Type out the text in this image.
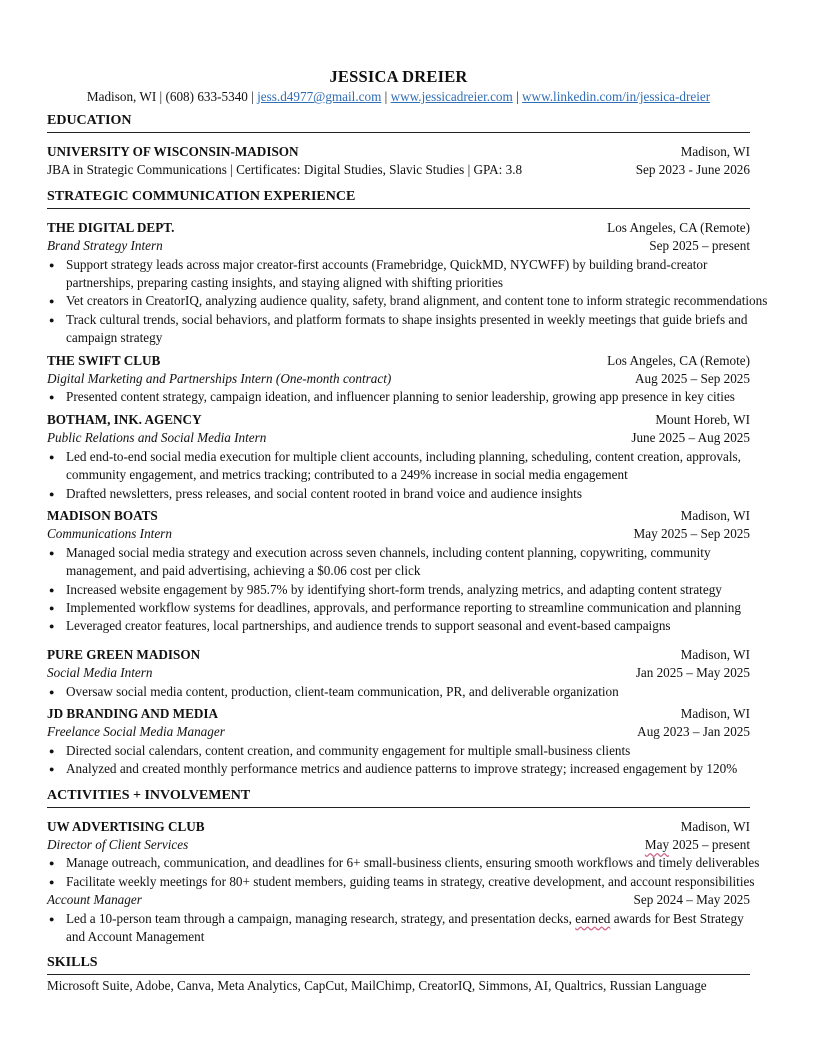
JESSICA DREIER
Madison, WI | (608) 633-5340 | jess.d4977@gmail.com | www.jessicadreier.com | www.linkedin.com/in/jessica-dreier
EDUCATION
UNIVERSITY OF WISCONSIN-MADISON	Madison, WI
JBA in Strategic Communications | Certificates: Digital Studies, Slavic Studies | GPA: 3.8	Sep 2023 - June 2026
STRATEGIC COMMUNICATION EXPERIENCE
THE DIGITAL DEPT.	Los Angeles, CA (Remote)
Brand Strategy Intern	Sep 2025 – present
● Support strategy leads across major creator-first accounts (Framebridge, QuickMD, NYCWFF) by building brand-creator partnerships, preparing casting insights, and staying aligned with shifting priorities
● Vet creators in CreatorIQ, analyzing audience quality, safety, brand alignment, and content tone to inform strategic recommendations
● Track cultural trends, social behaviors, and platform formats to shape insights presented in weekly meetings that guide briefs and campaign strategy
THE SWIFT CLUB	Los Angeles, CA (Remote)
Digital Marketing and Partnerships Intern (One-month contract)	Aug 2025 – Sep 2025
● Presented content strategy, campaign ideation, and influencer planning to senior leadership, growing app presence in key cities
BOTHAM, INK. AGENCY	Mount Horeb, WI
Public Relations and Social Media Intern	June 2025 – Aug 2025
● Led end-to-end social media execution for multiple client accounts, including planning, scheduling, content creation, approvals, community engagement, and metrics tracking; contributed to a 249% increase in social media engagement
● Drafted newsletters, press releases, and social content rooted in brand voice and audience insights
MADISON BOATS	Madison, WI
Communications Intern	May 2025 – Sep 2025
● Managed social media strategy and execution across seven channels, including content planning, copywriting, community management, and paid advertising, achieving a $0.06 cost per click
● Increased website engagement by 985.7% by identifying short-form trends, analyzing metrics, and adapting content strategy
● Implemented workflow systems for deadlines, approvals, and performance reporting to streamline communication and planning
● Leveraged creator features, local partnerships, and audience trends to support seasonal and event-based campaigns
PURE GREEN MADISON	Madison, WI
Social Media Intern	Jan 2025 – May 2025
● Oversaw social media content, production, client-team communication, PR, and deliverable organization
JD BRANDING AND MEDIA	Madison, WI
Freelance Social Media Manager	Aug 2023 – Jan 2025
● Directed social calendars, content creation, and community engagement for multiple small-business clients
● Analyzed and created monthly performance metrics and audience patterns to improve strategy; increased engagement by 120%
ACTIVITIES + INVOLVEMENT
UW ADVERTISING CLUB	Madison, WI
Director of Client Services	May 2025 – present
● Manage outreach, communication, and deadlines for 6+ small-business clients, ensuring smooth workflows and timely deliverables
● Facilitate weekly meetings for 80+ student members, guiding teams in strategy, creative development, and account responsibilities
Account Manager	Sep 2024 – May 2025
● Led a 10-person team through a campaign, managing research, strategy, and presentation decks, earned awards for Best Strategy and Account Management
SKILLS
Microsoft Suite, Adobe, Canva, Meta Analytics, CapCut, MailChimp, CreatorIQ, Simmons, AI, Qualtrics, Russian Language
